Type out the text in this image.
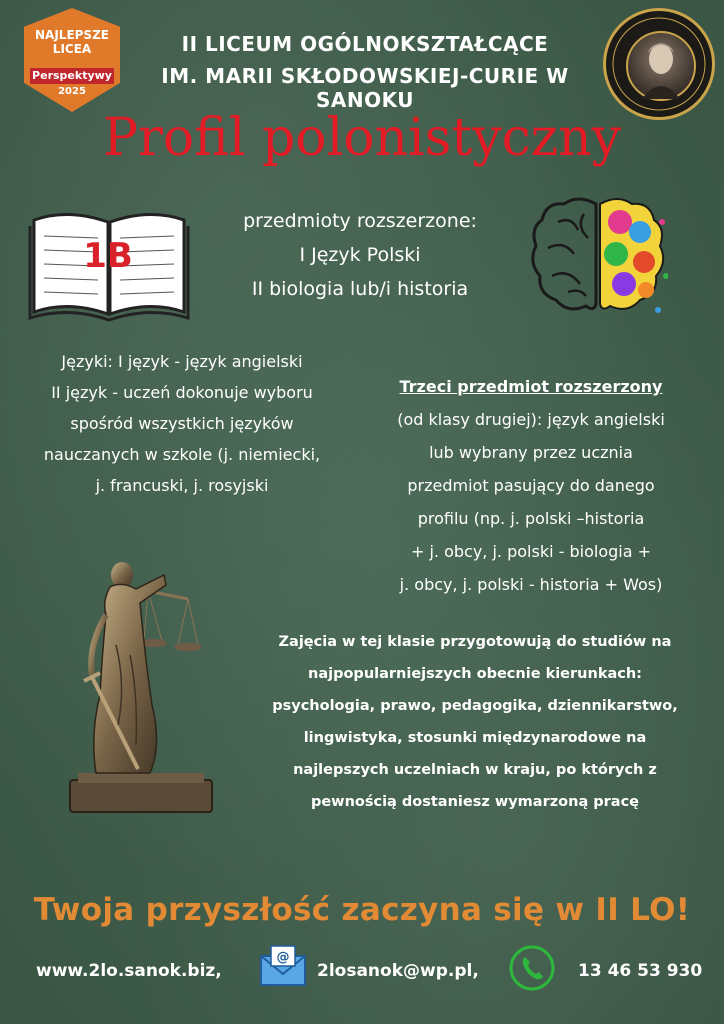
NAJLEPSZE
LICEA
Perspektywy
2025
II LICEUM OGÓLNOKSZTAŁCĄCE
IM. MARII SKŁODOWSKIEJ-CURIE W SANOKU
Profil polonistyczny
1B
przedmioty rozszerzone:
I Język Polski
II biologia lub/i historia
Języki: I język - język angielski
II język - uczeń dokonuje wyboru
spośród wszystkich języków
nauczanych w szkole (j. niemiecki,
j. francuski, j. rosyjski
Trzeci przedmiot rozszerzony
(od klasy drugiej): język angielski
lub wybrany przez ucznia
przedmiot pasujący do danego
profilu (np. j. polski –historia
+ j. obcy, j. polski - biologia +
j. obcy, j. polski - historia + Wos)
Zajęcia w tej klasie przygotowują do studiów na
najpopularniejszych obecnie kierunkach:
psychologia, prawo, pedagogika, dziennikarstwo,
lingwistyka, stosunki międzynarodowe na
najlepszych uczelniach w kraju, po których z
pewnością dostaniesz wymarzoną pracę
Twoja przyszłość zaczyna się w II LO!
www.2lo.sanok.biz,
@
2losanok@wp.pl,	13 46 53 930
